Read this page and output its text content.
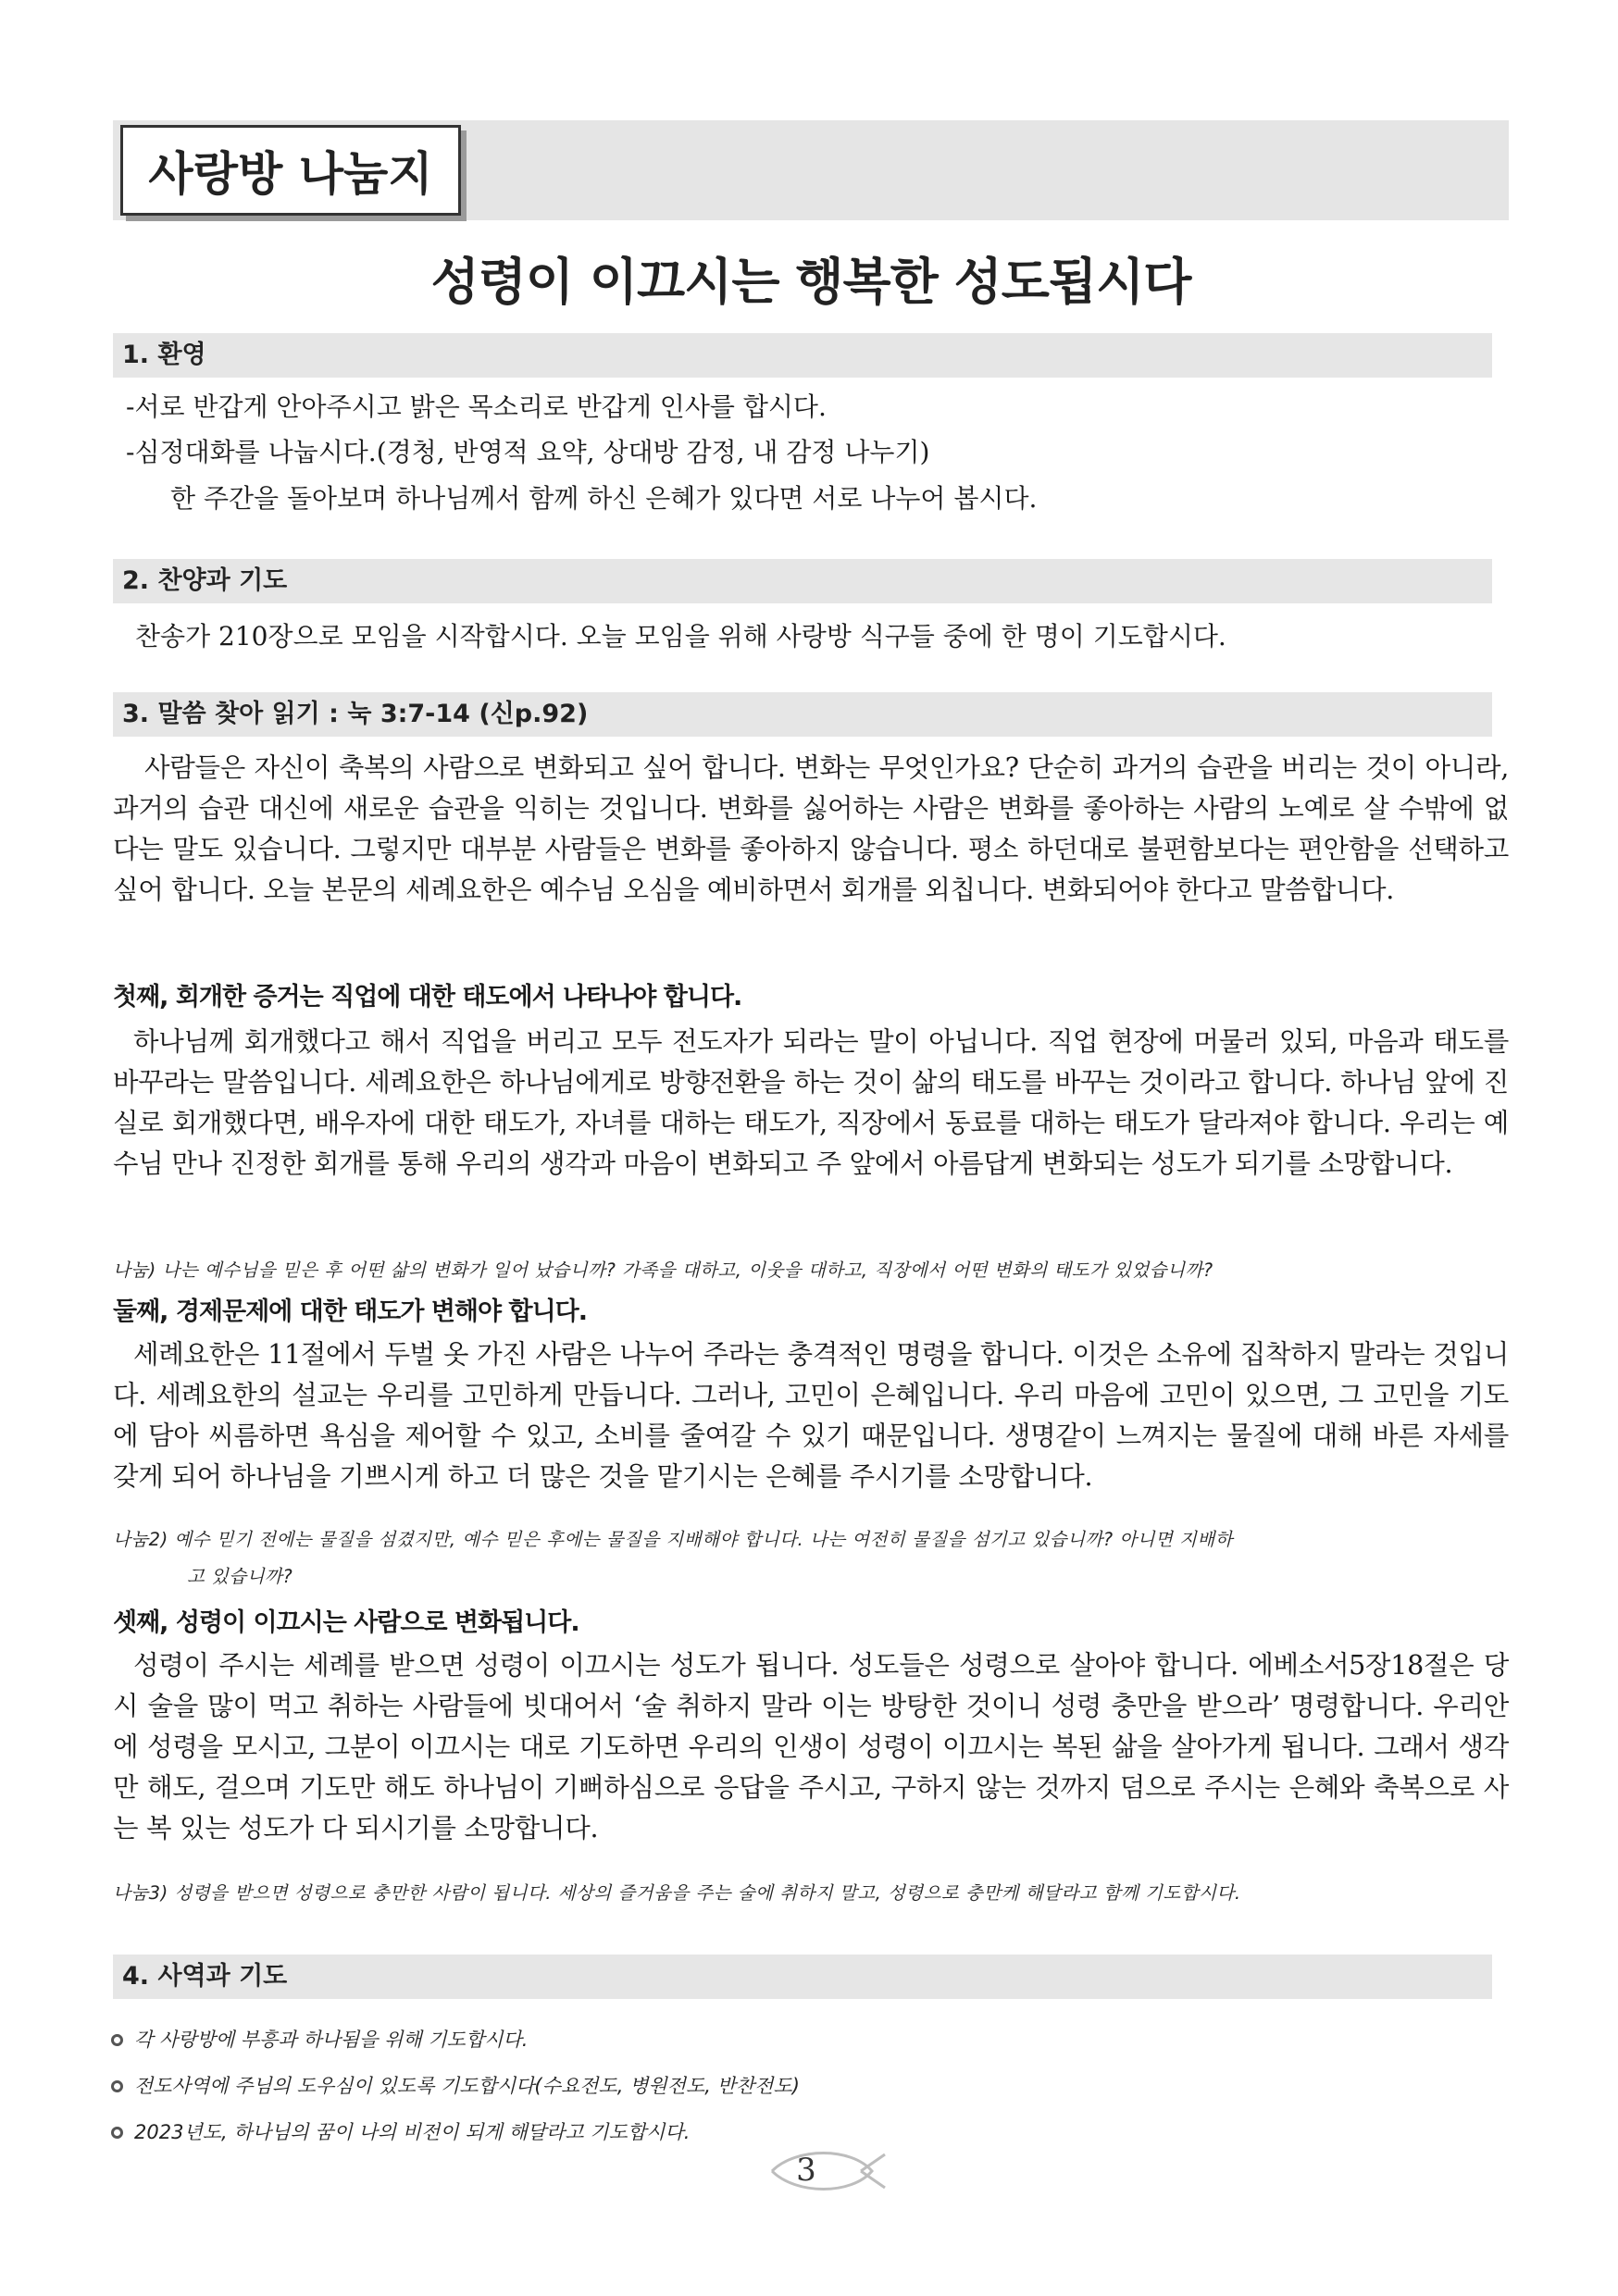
사랑방 나눔지
성령이 이끄시는 행복한 성도됩시다
1. 환영
-서로 반갑게 안아주시고 밝은 목소리로 반갑게 인사를 합시다.
-심정대화를 나눕시다.(경청, 반영적 요약, 상대방 감정, 내 감정 나누기)
한 주간을 돌아보며 하나님께서 함께 하신 은혜가 있다면 서로 나누어 봅시다.
2. 찬양과 기도
찬송가 210장으로 모임을 시작합시다. 오늘 모임을 위해 사랑방 식구들 중에 한 명이 기도합시다.
3. 말씀 찾아 읽기 : 눅 3:7-14 (신p.92)

사람들은 자신이 축복의 사람으로 변화되고 싶어 합니다. 변화는 무엇인가요? 단순히 과거의 습관을 버리는 것이 아니라, 과거의 습관 대신에 새로운 습관을 익히는 것입니다. 변화를 싫어하는 사람은 변화를 좋아하는 사람의 노예로 살 수밖에 없다는 말도 있습니다. 그렇지만 대부분 사람들은 변화를 좋아하지 않습니다. 평소 하던대로 불편함보다는 편안함을 선택하고 싶어 합니다. 오늘 본문의 세례요한은 예수님 오심을 예비하면서 회개를 외칩니다. 변화되어야 한다고 말씀합니다.

첫째, 회개한 증거는 직업에 대한 태도에서 나타나야 합니다.

하나님께 회개했다고 해서 직업을 버리고 모두 전도자가 되라는 말이 아닙니다. 직업 현장에 머물러 있되, 마음과 태도를 바꾸라는 말씀입니다. 세례요한은 하나님에게로 방향전환을 하는 것이 삶의 태도를 바꾸는 것이라고 합니다. 하나님 앞에 진실로 회개했다면, 배우자에 대한 태도가, 자녀를 대하는 태도가, 직장에서 동료를 대하는 태도가 달라져야 합니다. 우리는 예수님 만나 진정한 회개를 통해 우리의 생각과 마음이 변화되고 주 앞에서 아름답게 변화되는 성도가 되기를 소망합니다.

나눔) 나는 예수님을 믿은 후 어떤 삶의 변화가 일어 났습니까? 가족을 대하고, 이웃을 대하고, 직장에서 어떤 변화의 태도가 있었습니까?
둘째, 경제문제에 대한 태도가 변해야 합니다.

세례요한은 11절에서 두벌 옷 가진 사람은 나누어 주라는 충격적인 명령을 합니다. 이것은 소유에 집착하지 말라는 것입니다. 세례요한의 설교는 우리를 고민하게 만듭니다. 그러나, 고민이 은혜입니다. 우리 마음에 고민이 있으면, 그 고민을 기도에 담아 씨름하면 욕심을 제어할 수 있고, 소비를 줄여갈 수 있기 때문입니다. 생명같이 느껴지는 물질에 대해 바른 자세를 갖게 되어 하나님을 기쁘시게 하고 더 많은 것을 맡기시는 은혜를 주시기를 소망합니다.

나눔2) 예수 믿기 전에는 물질을 섬겼지만, 예수 믿은 후에는 물질을 지배해야 합니다. 나는 여전히 물질을 섬기고 있습니까? 아니면 지배하
고 있습니까?
셋째, 성령이 이끄시는 사람으로 변화됩니다.

성령이 주시는 세례를 받으면 성령이 이끄시는 성도가 됩니다. 성도들은 성령으로 살아야 합니다. 에베소서5장18절은 당시 술을 많이 먹고 취하는 사람들에 빗대어서 ‘술 취하지 말라 이는 방탕한 것이니 성령 충만을 받으라’ 명령합니다. 우리안에 성령을 모시고, 그분이 이끄시는 대로 기도하면 우리의 인생이 성령이 이끄시는 복된 삶을 살아가게 됩니다. 그래서 생각만 해도, 걸으며 기도만 해도 하나님이 기뻐하심으로 응답을 주시고, 구하지 않는 것까지 덤으로 주시는 은혜와 축복으로 사는 복 있는 성도가 다 되시기를 소망합니다.

나눔3) 성령을 받으면 성령으로 충만한 사람이 됩니다. 세상의 즐거움을 주는 술에 취하지 말고, 성령으로 충만케 해달라고 함께 기도합시다.
4. 사역과 기도
각 사랑방에 부흥과 하나됨을 위해 기도합시다.
전도사역에 주님의 도우심이 있도록 기도합시다(수요전도, 병원전도, 반찬전도)
2023년도, 하나님의 꿈이 나의 비전이 되게 해달라고 기도합시다.
3
